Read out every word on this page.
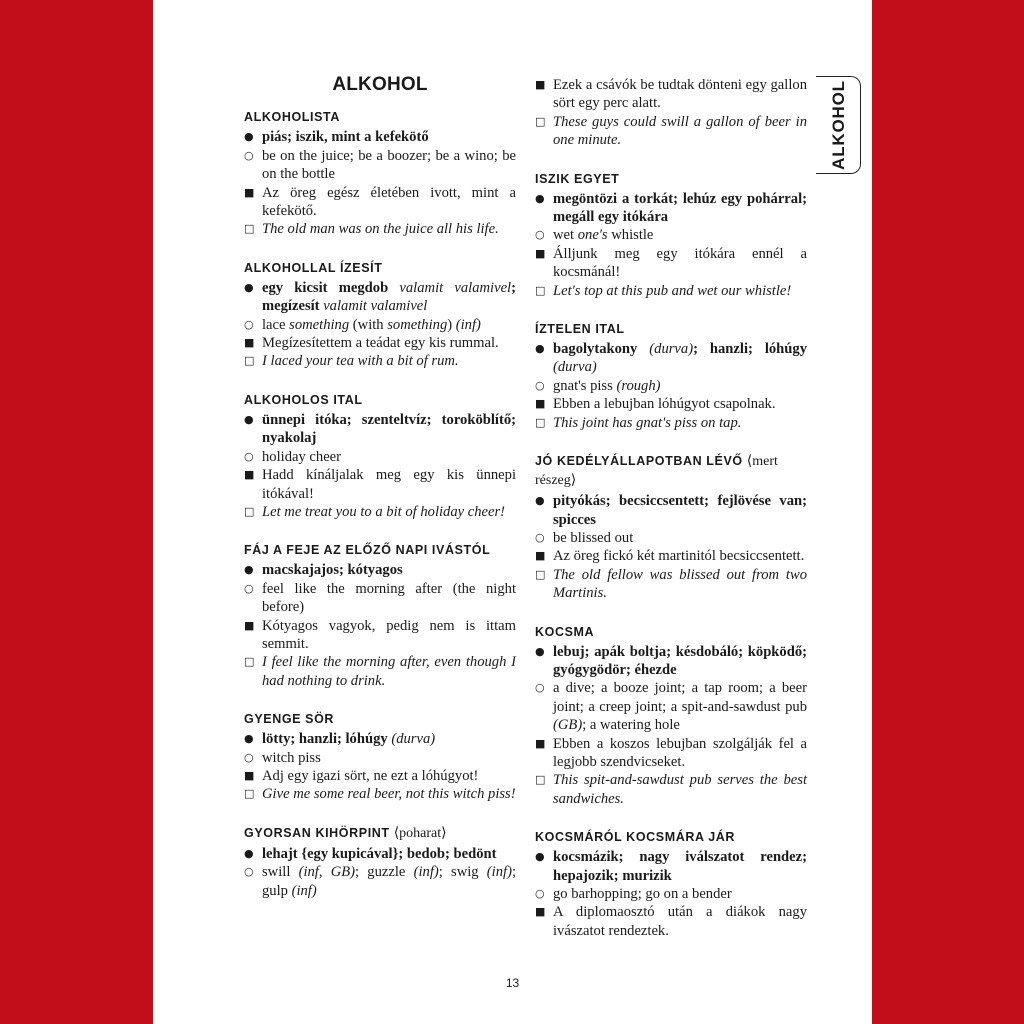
ALKOHOL
ALKOHOLISTA
● piás; iszik, mint a kefekötő
○ be on the juice; be a boozer; be a wino; be on the bottle
■ Az öreg egész életében ivott, mint a kefekötő.
□ The old man was on the juice all his life.
ALKOHOLLAL ÍZESÍT
● egy kicsit megdob valamit valamivel; megízesít valamit valamivel
○ lace something (with something) (inf)
■ Megízesítettem a teádat egy kis rummal.
□ I laced your tea with a bit of rum.
ALKOHOLOS ITAL
● ünnepi itóka; szenteltvíz; toroköblítő; nyakolaj
○ holiday cheer
■ Hadd kínáljalak meg egy kis ünnepi itókával!
□ Let me treat you to a bit of holiday cheer!
FÁJ A FEJE AZ ELŐZŐ NAPI IVÁSTÓL
● macskajajos; kótyagos
○ feel like the morning after (the night before)
■ Kótyagos vagyok, pedig nem is ittam semmit.
□ I feel like the morning after, even though I had nothing to drink.
GYENGE SÖR
● lötty; hanzli; lóhúgy (durva)
○ witch piss
■ Adj egy igazi sört, ne ezt a lóhúgyot!
□ Give me some real beer, not this witch piss!
GYORSAN KIHÖRPINT ⟨poharat⟩
● lehajt {egy kupicával}; bedob; bedönt
○ swill (inf, GB); guzzle (inf); swig (inf); gulp (inf)
■ Ezek a csávók be tudtak dönteni egy gallon sört egy perc alatt.
□ These guys could swill a gallon of beer in one minute.
ISZIK EGYET
● megöntözi a torkát; lehúz egy pohárral; megáll egy itókára
○ wet one's whistle
■ Álljunk meg egy itókára ennél a kocsmánál!
□ Let's top at this pub and wet our whistle!
ÍZTELEN ITAL
● bagolytakony (durva); hanzli; lóhúgy (durva)
○ gnat's piss (rough)
■ Ebben a lebujban lóhúgyot csapolnak.
□ This joint has gnat's piss on tap.
JÓ KEDÉLYÁLLAPOTBAN LÉVŐ ⟨mert részeg⟩
● pityókás; becsiccsentett; fejlövése van; spicces
○ be blissed out
■ Az öreg fickó két martinitól becsiccsentett.
□ The old fellow was blissed out from two Martinis.
KOCSMA
● lebuj; apák boltja; késdobáló; köpködő; gyógygödör; éhezde
○ a dive; a booze joint; a tap room; a beer joint; a creep joint; a spit-and-sawdust pub (GB); a watering hole
■ Ebben a koszos lebujban szolgálják fel a legjobb szendvicseket.
□ This spit-and-sawdust pub serves the best sandwiches.
KOCSMÁRÓL KOCSMÁRA JÁR
● kocsmázik; nagy iválszatot rendez; hepajozik; murizik
○ go barhopping; go on a bender
■ A diplomaosztó után a diákok nagy ivászatot rendeztek.
ALKOHOL
13
